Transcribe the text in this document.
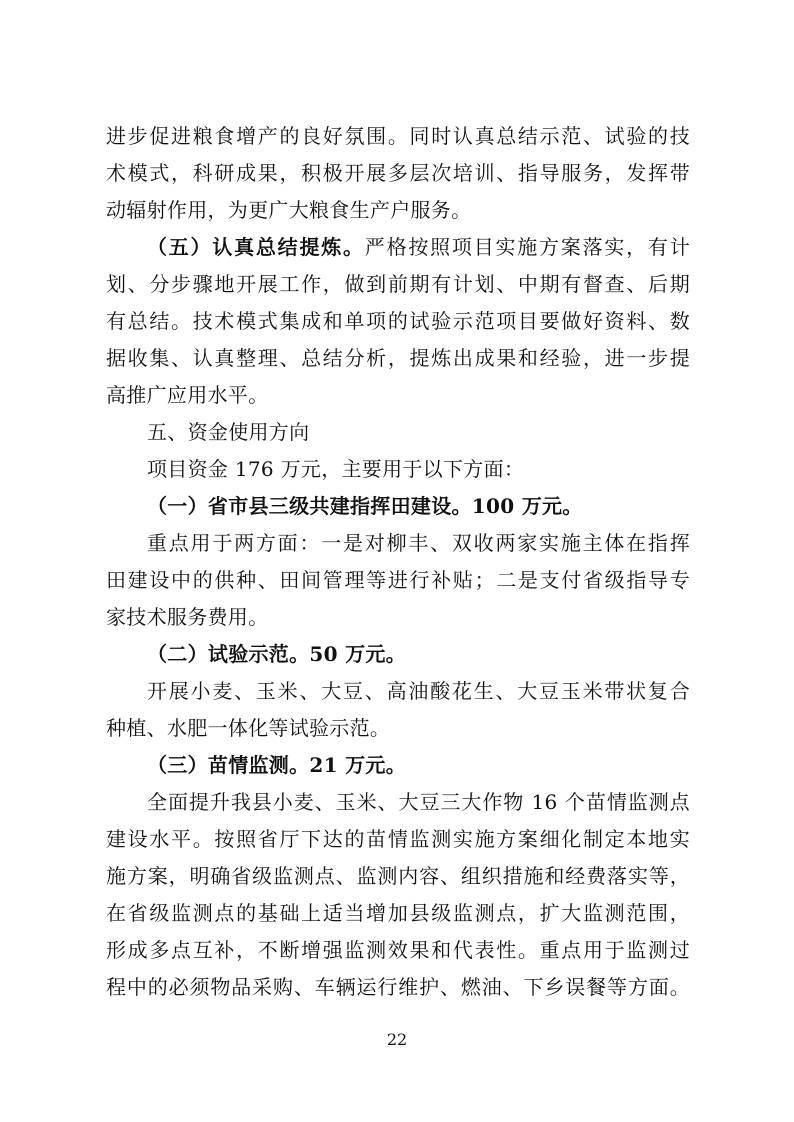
进步促进粮食增产的良好氛围。同时认真总结示范、试验的技
术模式，科研成果，积极开展多层次培训、指导服务，发挥带
动辐射作用，为更广大粮食生产户服务。
（五）认真总结提炼。严格按照项目实施方案落实，有计
划、分步骤地开展工作，做到前期有计划、中期有督查、后期
有总结。技术模式集成和单项的试验示范项目要做好资料、数
据收集、认真整理、总结分析，提炼出成果和经验，进一步提
高推广应用水平。
五、资金使用方向
项目资金 176 万元，主要用于以下方面：
（一）省市县三级共建指挥田建设。100 万元。
重点用于两方面：一是对柳丰、双收两家实施主体在指挥
田建设中的供种、田间管理等进行补贴；二是支付省级指导专
家技术服务费用。
（二）试验示范。50 万元。
开展小麦、玉米、大豆、高油酸花生、大豆玉米带状复合
种植、水肥一体化等试验示范。
（三）苗情监测。21 万元。
全面提升我县小麦、玉米、大豆三大作物 16 个苗情监测点
建设水平。按照省厅下达的苗情监测实施方案细化制定本地实
施方案，明确省级监测点、监测内容、组织措施和经费落实等，
在省级监测点的基础上适当增加县级监测点，扩大监测范围，
形成多点互补，不断增强监测效果和代表性。重点用于监测过
程中的必须物品采购、车辆运行维护、燃油、下乡误餐等方面。
22
